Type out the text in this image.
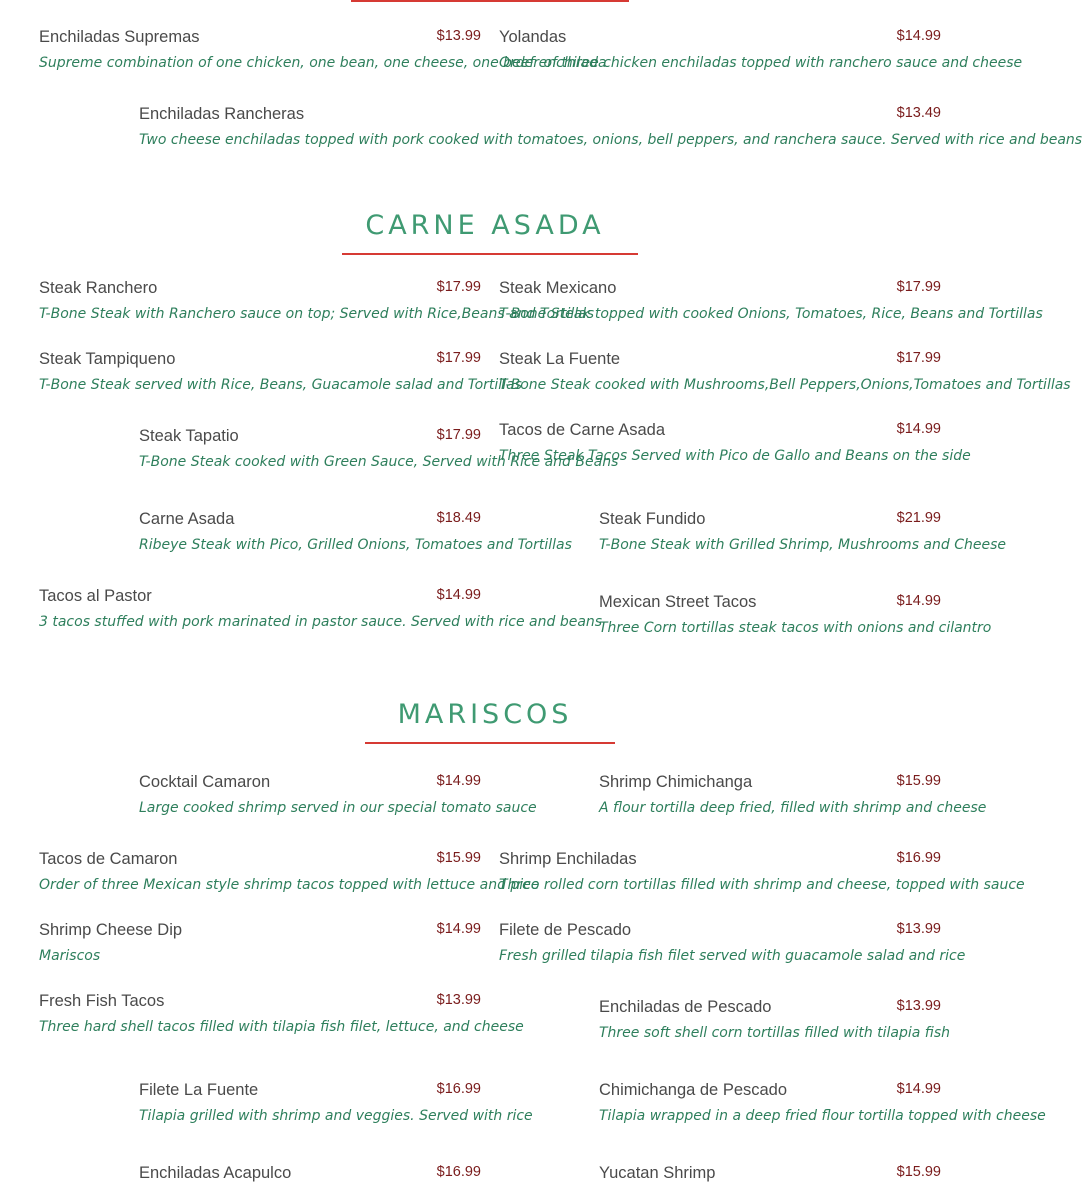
Enchiladas Supremas	$13.99
Supreme combination of one chicken, one bean, one cheese, one beef enchilada
Yolandas	$14.99
Order of three chicken enchiladas topped with ranchero sauce and cheese
Enchiladas Rancheras	$13.49
Two cheese enchiladas topped with pork cooked with tomatoes, onions, bell peppers, and ranchera sauce. Served with rice and beans
CARNE ASADA
Steak Ranchero	$17.99
T-Bone Steak with Ranchero sauce on top; Served with Rice,Beans and Tortillas
Steak Mexicano	$17.99
T-Bone Steak topped with cooked Onions, Tomatoes, Rice, Beans and Tortillas
Steak Tampiqueno	$17.99
T-Bone Steak served with Rice, Beans, Guacamole salad and Tortillas
Steak La Fuente	$17.99
T-Bone Steak cooked with Mushrooms,Bell Peppers,Onions,Tomatoes and Tortillas
Steak Tapatio	$17.99
T-Bone Steak cooked with Green Sauce, Served with Rice and Beans
Tacos de Carne Asada	$14.99
Three Steak Tacos Served with Pico de Gallo and Beans on the side
Carne Asada	$18.49
Ribeye Steak with Pico, Grilled Onions, Tomatoes and Tortillas
Steak Fundido	$21.99
T-Bone Steak with Grilled Shrimp, Mushrooms and Cheese
Tacos al Pastor	$14.99
3 tacos stuffed with pork marinated in pastor sauce. Served with rice and beans
Mexican Street Tacos	$14.99
Three Corn tortillas steak tacos with onions and cilantro
MARISCOS
Cocktail Camaron	$14.99
Large cooked shrimp served in our special tomato sauce
Shrimp Chimichanga	$15.99
A flour tortilla deep fried, filled with shrimp and cheese
Tacos de Camaron	$15.99
Order of three Mexican style shrimp tacos topped with lettuce and pico
Shrimp Enchiladas	$16.99
Three rolled corn tortillas filled with shrimp and cheese, topped with sauce
Shrimp Cheese Dip	$14.99
Mariscos
Filete de Pescado	$13.99
Fresh grilled tilapia fish filet served with guacamole salad and rice
Fresh Fish Tacos	$13.99
Three hard shell tacos filled with tilapia fish filet, lettuce, and cheese
Enchiladas de Pescado	$13.99
Three soft shell corn tortillas filled with tilapia fish
Filete La Fuente	$16.99
Tilapia grilled with shrimp and veggies. Served with rice
Chimichanga de Pescado	$14.99
Tilapia wrapped in a deep fried flour tortilla topped with cheese
Enchiladas Acapulco	$16.99	Yucatan Shrimp	$15.99
